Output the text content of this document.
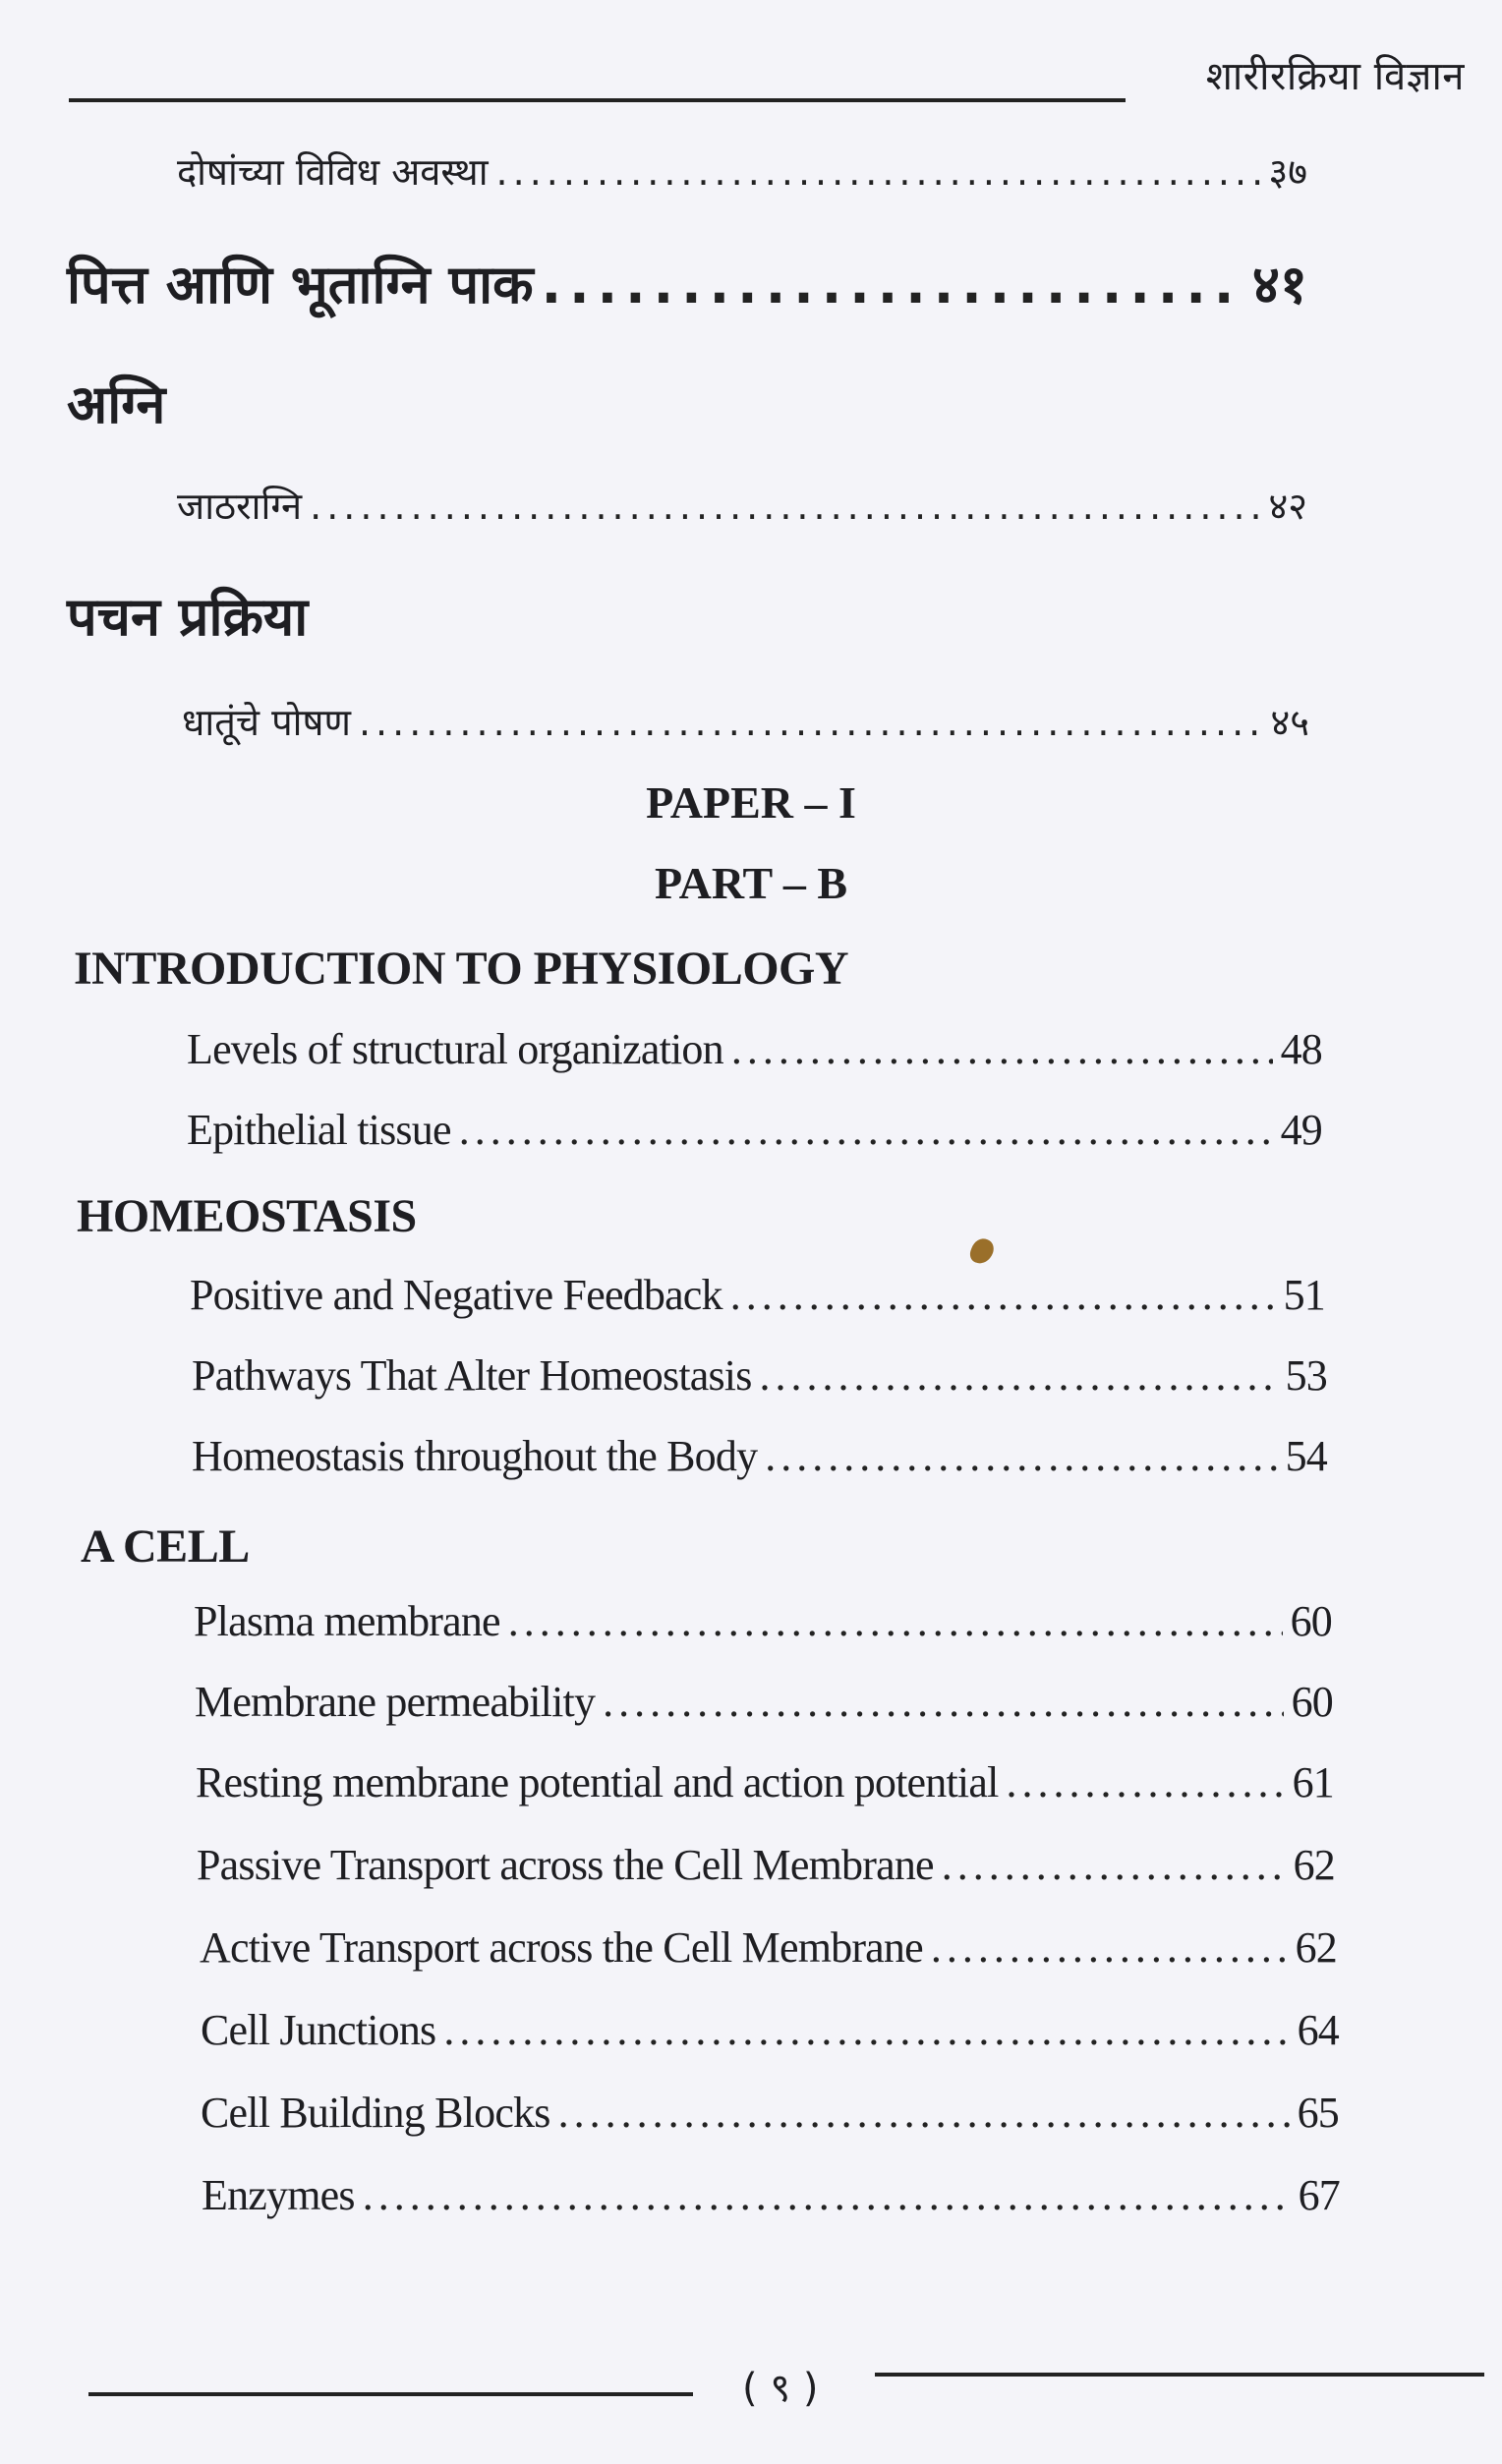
शारीरक्रिया विज्ञान
दोषांच्या विविध अवस्था .....	३७
पित्त आणि भूताग्नि पाक .....	४१
अग्नि
जाठराग्नि .....	४२
पचन प्रक्रिया
धातूंचे पोषण .....	४५
PAPER – I
PART – B
INTRODUCTION TO PHYSIOLOGY
Levels of structural organization .....	48
Epithelial tissue .....	49
HOMEOSTASIS
Positive and Negative Feedback .....	51
Pathways That Alter Homeostasis .....	53
Homeostasis throughout the Body .....	54
A CELL
Plasma membrane .....	60
Membrane permeability .....	60
Resting membrane potential and action potential .....	61
Passive Transport across the Cell Membrane .....	62
Active Transport across the Cell Membrane .....	62
Cell Junctions .....	64
Cell Building Blocks .....	65
Enzymes .....	67
( ९ )
